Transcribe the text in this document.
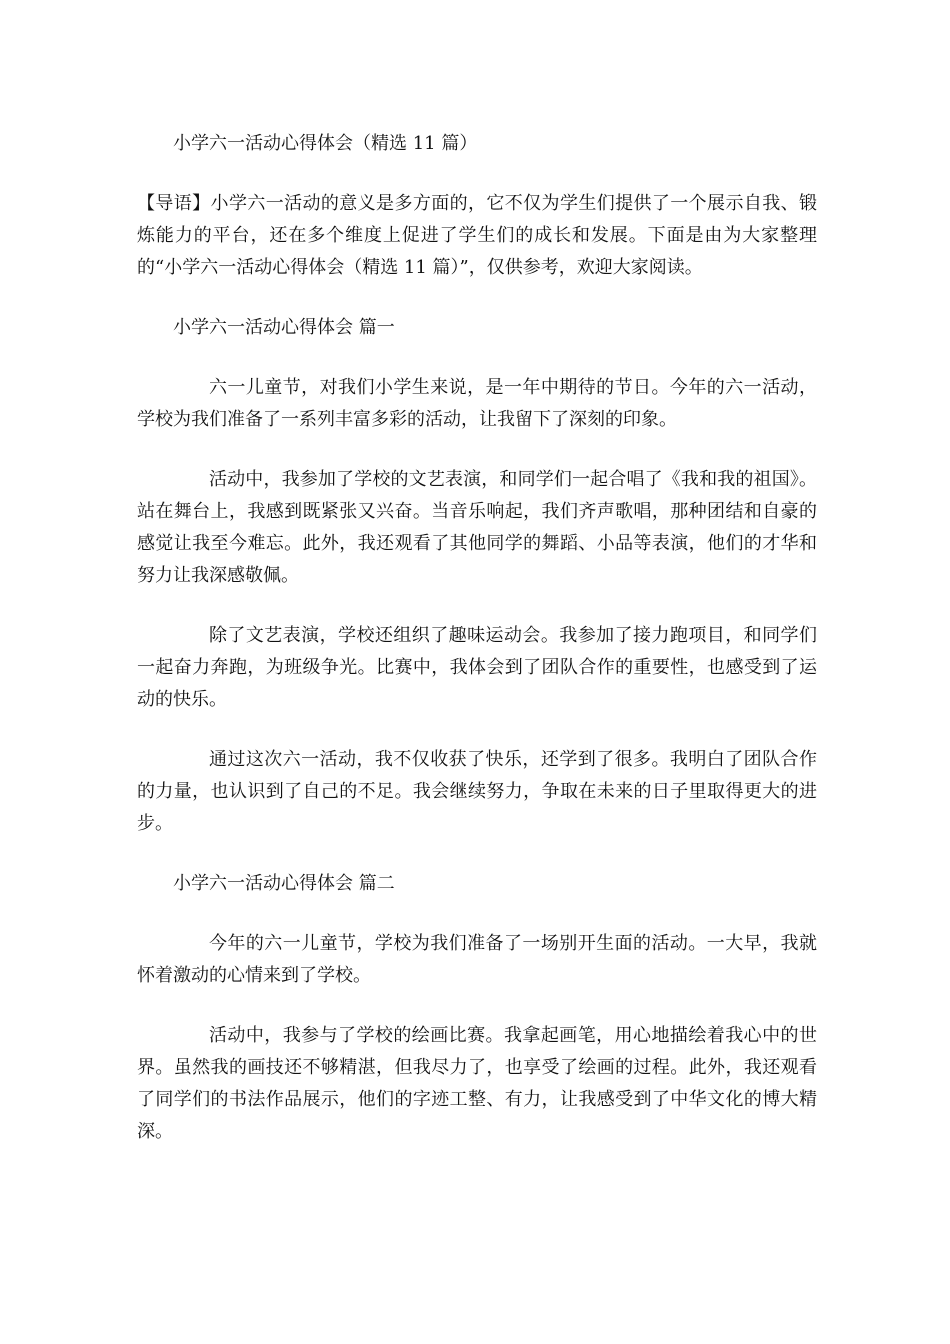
小学六一活动心得体会（精选 11 篇）

【导语】小学六一活动的意义是多方面的，它不仅为学生们提供了一个展示自我、锻炼能力的平台，还在多个维度上促进了学生们的成长和发展。下面是由为大家整理的“小学六一活动心得体会（精选 11 篇）”，仅供参考，欢迎大家阅读。

小学六一活动心得体会 篇一

六一儿童节，对我们小学生来说，是一年中期待的节日。今年的六一活动，学校为我们准备了一系列丰富多彩的活动，让我留下了深刻的印象。

活动中，我参加了学校的文艺表演，和同学们一起合唱了《我和我的祖国》。站在舞台上，我感到既紧张又兴奋。当音乐响起，我们齐声歌唱，那种团结和自豪的感觉让我至今难忘。此外，我还观看了其他同学的舞蹈、小品等表演，他们的才华和努力让我深感敬佩。

除了文艺表演，学校还组织了趣味运动会。我参加了接力跑项目，和同学们一起奋力奔跑，为班级争光。比赛中，我体会到了团队合作的重要性，也感受到了运动的快乐。

通过这次六一活动，我不仅收获了快乐，还学到了很多。我明白了团队合作的力量，也认识到了自己的不足。我会继续努力，争取在未来的日子里取得更大的进步。

小学六一活动心得体会 篇二

今年的六一儿童节，学校为我们准备了一场别开生面的活动。一大早，我就怀着激动的心情来到了学校。

活动中，我参与了学校的绘画比赛。我拿起画笔，用心地描绘着我心中的世界。虽然我的画技还不够精湛，但我尽力了，也享受了绘画的过程。此外，我还观看了同学们的书法作品展示，他们的字迹工整、有力，让我感受到了中华文化的博大精深。
